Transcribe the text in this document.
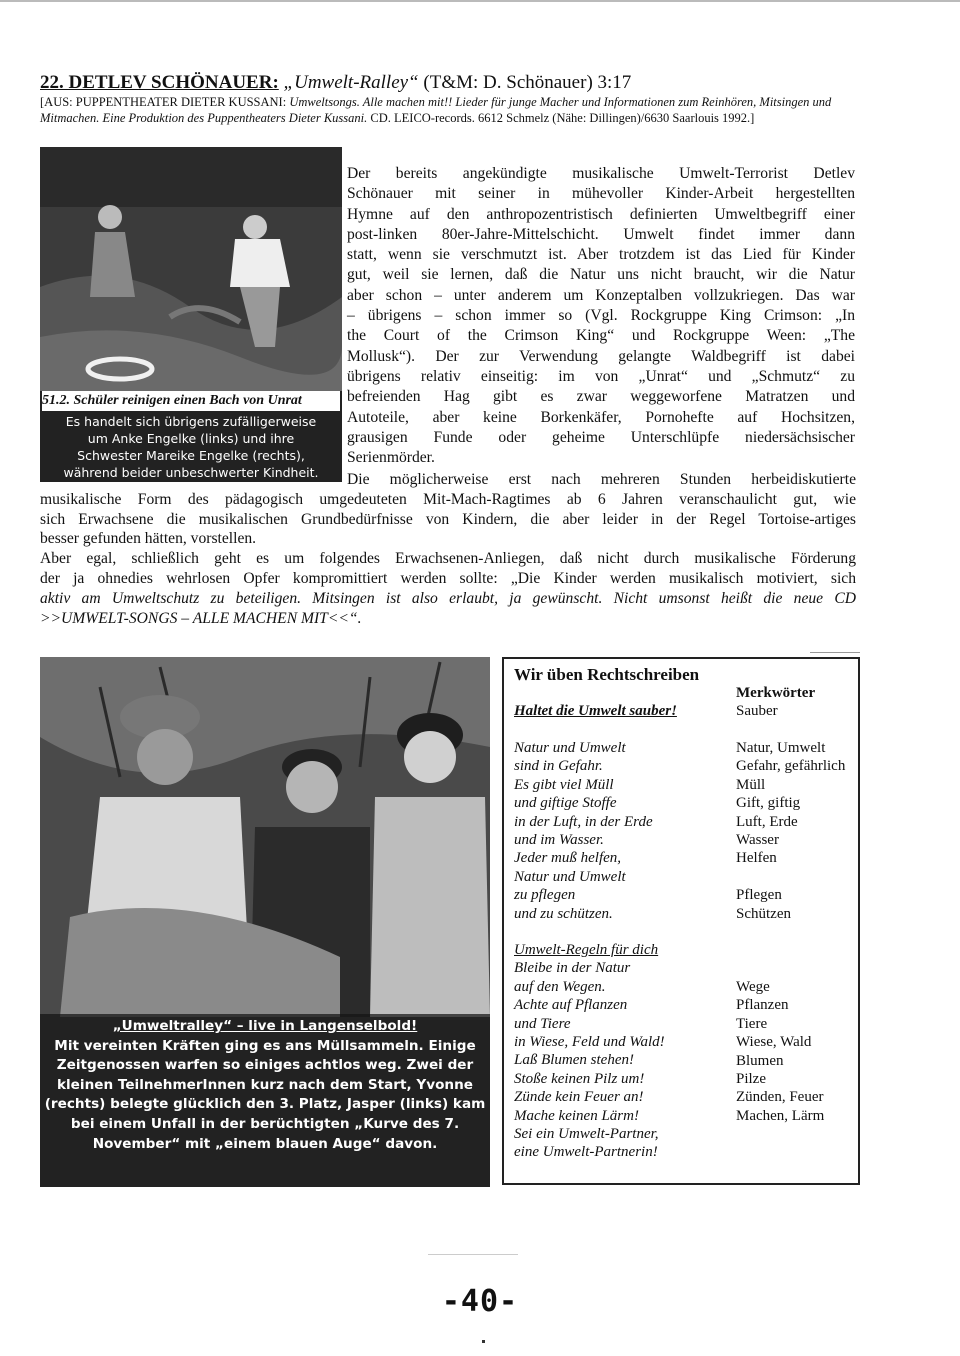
22. DETLEV SCHÖNAUER: „Umwelt-Ralley“ (T&M: D. Schönauer) 3:17
[AUS: PUPPENTHEATER DIETER KUSSANI: Umweltsongs. Alle machen mit!! Lieder für junge Macher und Informationen zum Reinhören, Mitsingen und Mitmachen. Eine Produktion des Puppentheaters Dieter Kussani. CD. LEICO-records. 6612 Schmelz (Nähe: Dillingen)/6630 Saarlouis 1992.]
51.2. Schüler reinigen einen Bach von Unrat
Es handelt sich übrigens zufälligerweise
um Anke Engelke (links) und ihre
Schwester Mareike Engelke (rechts),
während beider unbeschwerter Kindheit.
Der bereits angekündigte musikalische Umwelt-Terrorist Detlev
Schönauer mit seiner in mühevoller Kinder-Arbeit hergestellten
Hymne auf den anthropozentristisch definierten Umweltbegriff einer
post-linken 80er-Jahre-Mittelschicht. Umwelt findet immer dann
statt, wenn sie verschmutzt ist. Aber trotzdem ist das Lied für Kinder
gut, weil sie lernen, daß die Natur uns nicht braucht, wir die Natur
aber schon – unter anderem um Konzeptalben vollzukriegen. Das war
– übrigens – schon immer so (Vgl. Rockgruppe King Crimson: „In
the Court of the Crimson King“ und Rockgruppe Ween: „The
Mollusk“). Der zur Verwendung gelangte Waldbegriff ist dabei
übrigens relativ einseitig: im von „Unrat“ und „Schmutz“ zu
befreienden Hag gibt es zwar weggeworfene Matratzen und
Autoteile, aber keine Borkenkäfer, Pornohefte auf Hochsitzen,
grausigen Funde oder geheime Unterschlüpfe niedersächsischer
Serienmörder.
Die möglicherweise erst nach mehreren Stunden herbeidiskutierte
musikalische Form des pädagogisch umgedeuteten Mit-Mach-Ragtimes ab 6 Jahren veranschaulicht gut, wie
sich Erwachsene die musikalischen Grundbedürfnisse von Kindern, die aber leider in der Regel Tortoise-artiges
besser gefunden hätten, vorstellen.
Aber egal, schließlich geht es um folgendes Erwachsenen-Anliegen, daß nicht durch musikalische Förderung
der ja ohnedies wehrlosen Opfer kompromittiert werden sollte: „Die Kinder werden musikalisch motiviert, sich
aktiv am Umweltschutz zu beteiligen. Mitsingen ist also erlaubt, ja gewünscht. Nicht umsonst heißt die neue CD
>>UMWELT-SONGS – ALLE MACHEN MIT<<“.
„Umweltralley“ – live in Langenselbold!
Mit vereinten Kräften ging es ans Müllsammeln. Einige
Zeitgenossen warfen so einiges achtlos weg. Zwei der
kleinen TeilnehmerInnen kurz nach dem Start, Yvonne
(rechts) belegte glücklich den 3. Platz, Jasper (links) kam
bei einem Unfall in der berüchtigten „Kurve des 7.
November“ mit „einem blauen Auge“ davon.
Wir üben Rechtschreiben
Merkwörter
Haltet die Umwelt sauber!	Sauber
Natur und Umwelt
sind in Gefahr.
Es gibt viel Müll
und giftige Stoffe
in der Luft, in der Erde
und im Wasser.
Jeder muß helfen,
Natur und Umwelt
zu pflegen
und zu schützen.
Natur, Umwelt
Gefahr, gefährlich
Müll
Gift, giftig
Luft, Erde
Wasser
Helfen

Pflegen
Schützen
Umwelt-Regeln für dich
Bleibe in der Natur
auf den Wegen.
Achte auf Pflanzen
und Tiere
in Wiese, Feld und Wald!
Laß Blumen stehen!
Stoße keinen Pilz um!
Zünde kein Feuer an!
Mache keinen Lärm!
Sei ein Umwelt-Partner,
eine Umwelt-Partnerin!
Wege
Pflanzen
Tiere
Wiese, Wald
Blumen
Pilze
Zünden, Feuer
Machen, Lärm
-40-
